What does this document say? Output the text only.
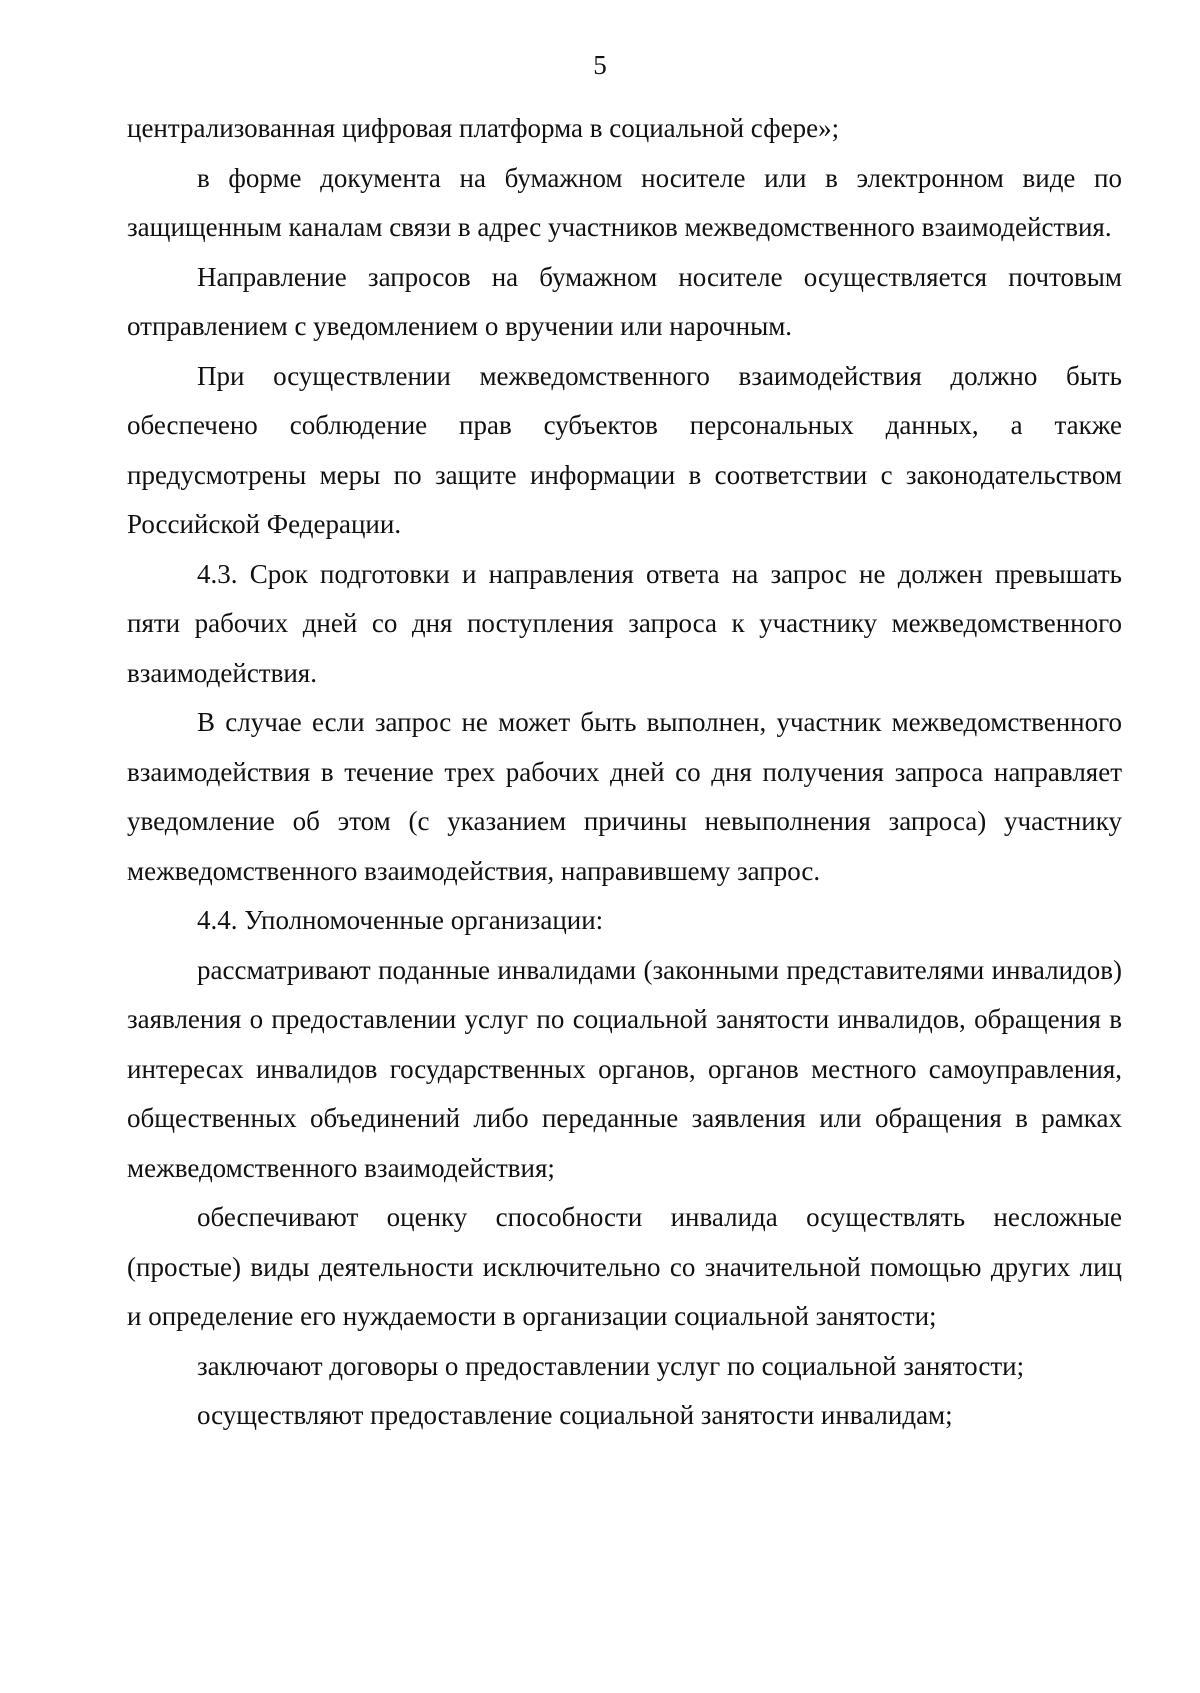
5

централизованная цифровая платформа в социальной сфере»;

в форме документа на бумажном носителе или в электронном виде по защищенным каналам связи в адрес участников межведомственного взаимодействия.

Направление запросов на бумажном носителе осуществляется почтовым отправлением с уведомлением о вручении или нарочным.

При осуществлении межведомственного взаимодействия должно быть обеспечено соблюдение прав субъектов персональных данных, а также предусмотрены меры по защите информации в соответствии с законодательством Российской Федерации.

4.3. Срок подготовки и направления ответа на запрос не должен превышать пяти рабочих дней со дня поступления запроса к участнику межведомственного взаимодействия.

В случае если запрос не может быть выполнен, участник межведомственного взаимодействия в течение трех рабочих дней со дня получения запроса направляет уведомление об этом (с указанием причины невыполнения запроса) участнику межведомственного взаимодействия, направившему запрос.

4.4. Уполномоченные организации:

рассматривают поданные инвалидами (законными представителями инвалидов) заявления о предоставлении услуг по социальной занятости инвалидов, обращения в интересах инвалидов государственных органов, органов местного самоуправления, общественных объединений либо переданные заявления или обращения в рамках межведомственного взаимодействия;

обеспечивают оценку способности инвалида осуществлять несложные (простые) виды деятельности исключительно со значительной помощью других лиц и определение его нуждаемости в организации социальной занятости;

заключают договоры о предоставлении услуг по социальной занятости;

осуществляют предоставление социальной занятости инвалидам;
